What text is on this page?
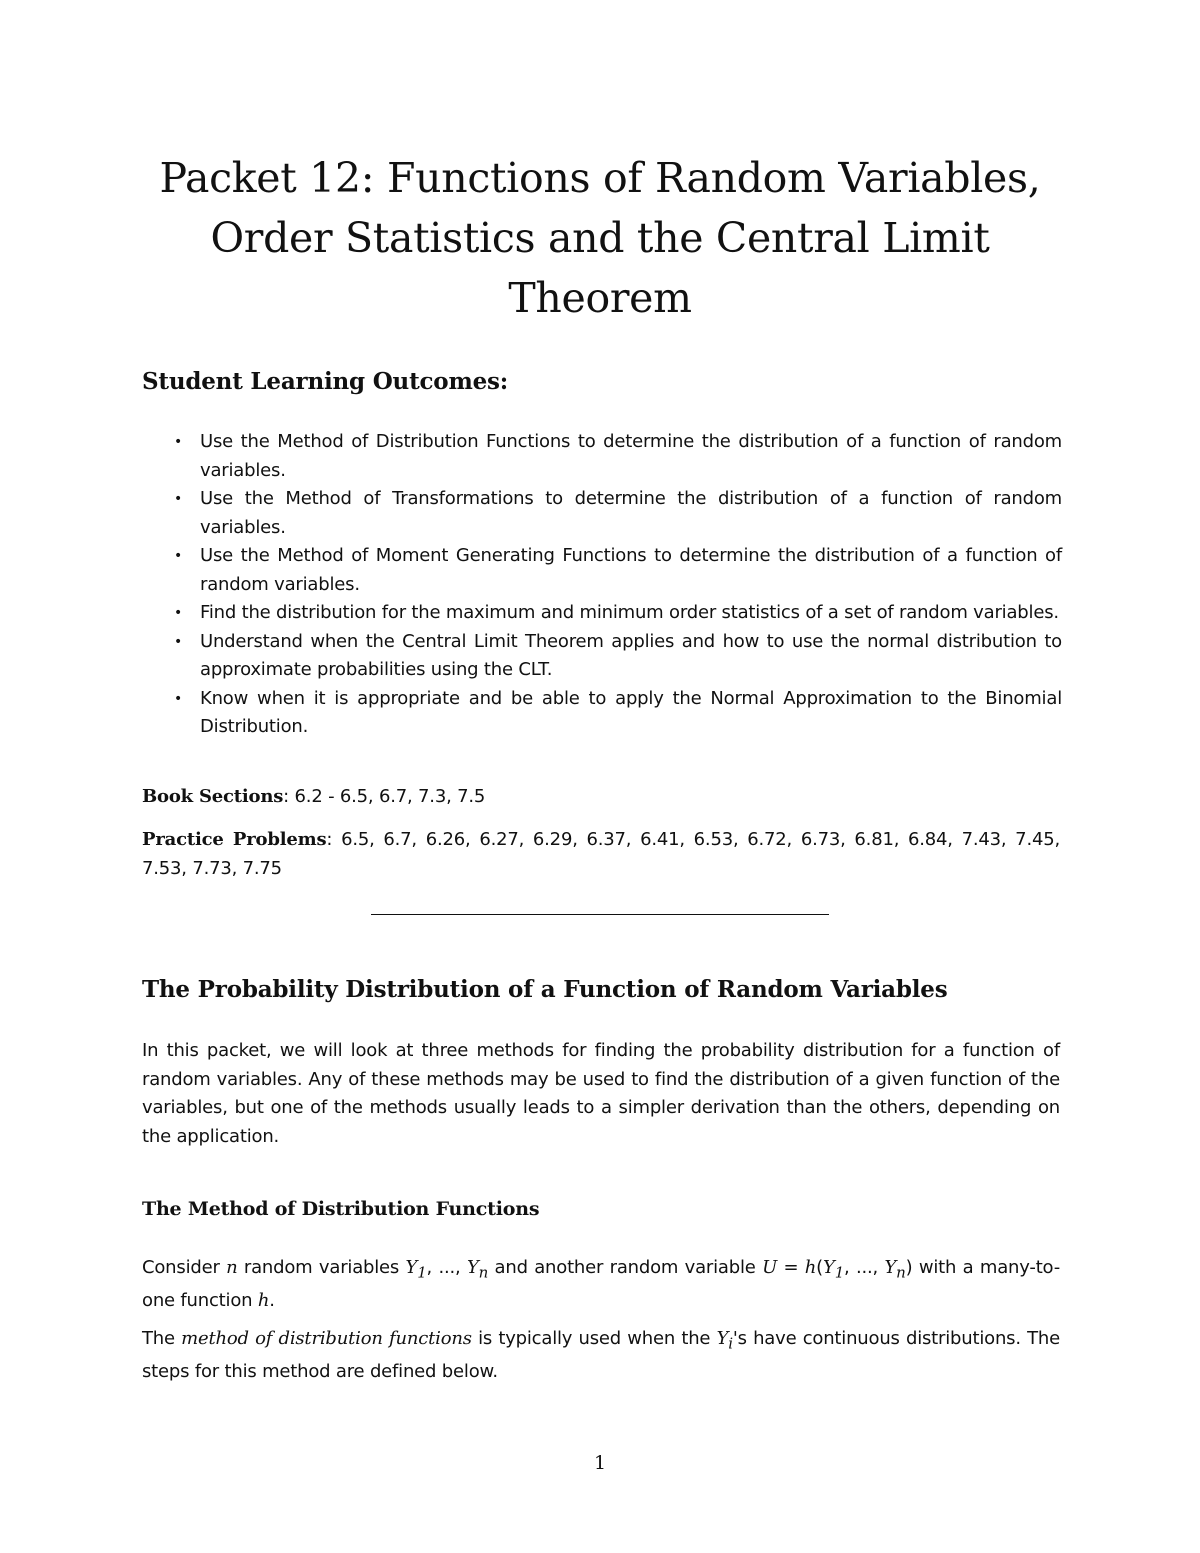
Packet 12: Functions of Random Variables,
Order Statistics and the Central Limit
Theorem
Student Learning Outcomes:
• Use the Method of Distribution Functions to determine the distribution of a function of random variables.
• Use the Method of Transformations to determine the distribution of a function of random variables.
• Use the Method of Moment Generating Functions to determine the distribution of a function of random variables.
• Find the distribution for the maximum and minimum order statistics of a set of random variables.
• Understand when the Central Limit Theorem applies and how to use the normal distribution to approximate probabilities using the CLT.
• Know when it is appropriate and be able to apply the Normal Approximation to the Binomial Distribution.

Book Sections: 6.2 - 6.5, 6.7, 7.3, 7.5

Practice Problems: 6.5, 6.7, 6.26, 6.27, 6.29, 6.37, 6.41, 6.53, 6.72, 6.73, 6.81, 6.84, 7.43, 7.45, 7.53, 7.73, 7.75

The Probability Distribution of a Function of Random Variables

In this packet, we will look at three methods for finding the probability distribution for a function of random variables. Any of these methods may be used to find the distribution of a given function of the variables, but one of the methods usually leads to a simpler derivation than the others, depending on the application.

The Method of Distribution Functions

Consider n random variables $Y_1$, ..., $Y_n$ and another random variable $U = h(Y_1$, ..., $Y_n$) with a many-to-one function h.

The method of distribution functions is typically used when the $Y_i's$ have continuous distributions. The steps for this method are defined below.

1
